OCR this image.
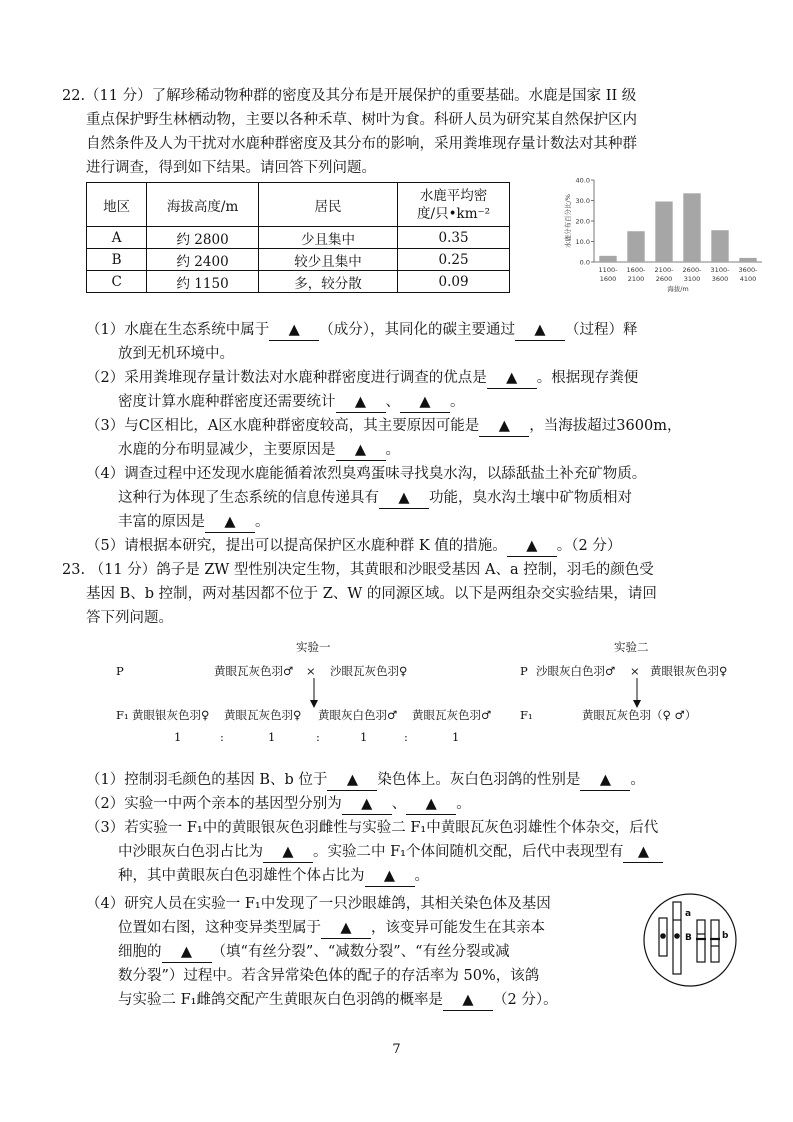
22.（11 分）了解珍稀动物种群的密度及其分布是开展保护的重要基础。水鹿是国家 II 级
重点保护野生林栖动物，主要以各种禾草、树叶为食。科研人员为研究某自然保护区内
自然条件及人为干扰对水鹿种群密度及其分布的影响，采用粪堆现存量计数法对其种群
进行调查，得到如下结果。请回答下列问题。
地区	海拔高度/m	居民	水鹿平均密
度/只•km⁻²
A	约 2800	少且集中	0.35
B	约 2400	较少且集中	0.25
C	约 1150	多，较分散	0.09
0.0
10.0
20.0
30.0
40.0
水鹿分布百分比/%
1100-
1600
1600-
2100
2100-
2600
2600-
3100
3100-
3600
3600-
4100
海拔/m
（1）水鹿在生态系统中属于 ▲ （成分），其同化的碳主要通过 ▲ （过程）释
放到无机环境中。
（2）采用粪堆现存量计数法对水鹿种群密度进行调查的优点是 ▲ 。根据现存粪便
密度计算水鹿种群密度还需要统计 ▲ 、 ▲ 。
（3）与C区相比，A区水鹿种群密度较高，其主要原因可能是 ▲ ，当海拔超过3600m，
水鹿的分布明显减少，主要原因是 ▲ 。
（4）调查过程中还发现水鹿能循着浓烈臭鸡蛋味寻找臭水沟，以舔舐盐土补充矿物质。
这种行为体现了生态系统的信息传递具有 ▲ 功能，臭水沟土壤中矿物质相对
丰富的原因是 ▲ 。
（5）请根据本研究，提出可以提高保护区水鹿种群 K 值的措施。 ▲ 。（2 分）
23. （11 分）鸽子是 ZW 型性别决定生物，其黄眼和沙眼受基因 A、a 控制，羽毛的颜色受
基因 B、b 控制，两对基因都不位于 Z、W 的同源区域。以下是两组杂交实验结果，请回
答下列问题。
实验一
P	黄眼瓦灰色羽♂ × 沙眼瓦灰色羽♀
F₁ 黄眼银灰色羽♀ 黄眼瓦灰色羽♀ 黄眼灰白色羽♂ 黄眼瓦灰色羽♂
1	:	1	:	1	:	1
实验二
P 沙眼灰白色羽♂ × 黄眼银灰色羽♀
F₁	黄眼瓦灰色羽（♀ ♂）
（1）控制羽毛颜色的基因 B、b 位于 ▲ 染色体上。灰白色羽鸽的性别是 ▲ 。
（2）实验一中两个亲本的基因型分别为 ▲ 、 ▲ 。
（3）若实验一 F₁中的黄眼银灰色羽雌性与实验二 F₁中黄眼瓦灰色羽雄性个体杂交，后代
中沙眼灰白色羽占比为 ▲ 。实验二中 F₁个体间随机交配，后代中表现型有 ▲
种，其中黄眼灰白色羽雄性个体占比为 ▲ 。
（4）研究人员在实验一 F₁中发现了一只沙眼雄鸽，其相关染色体及基因
位置如右图，这种变异类型属于 ▲ ，该变异可能发生在其亲本
细胞的 ▲ （填“有丝分裂”、“减数分裂”、“有丝分裂或减
数分裂”）过程中。若含异常染色体的配子的存活率为 50%，该鸽
与实验二 F₁雌鸽交配产生黄眼灰白色羽鸽的概率是 ▲ （2 分）。
a
B	b
7
